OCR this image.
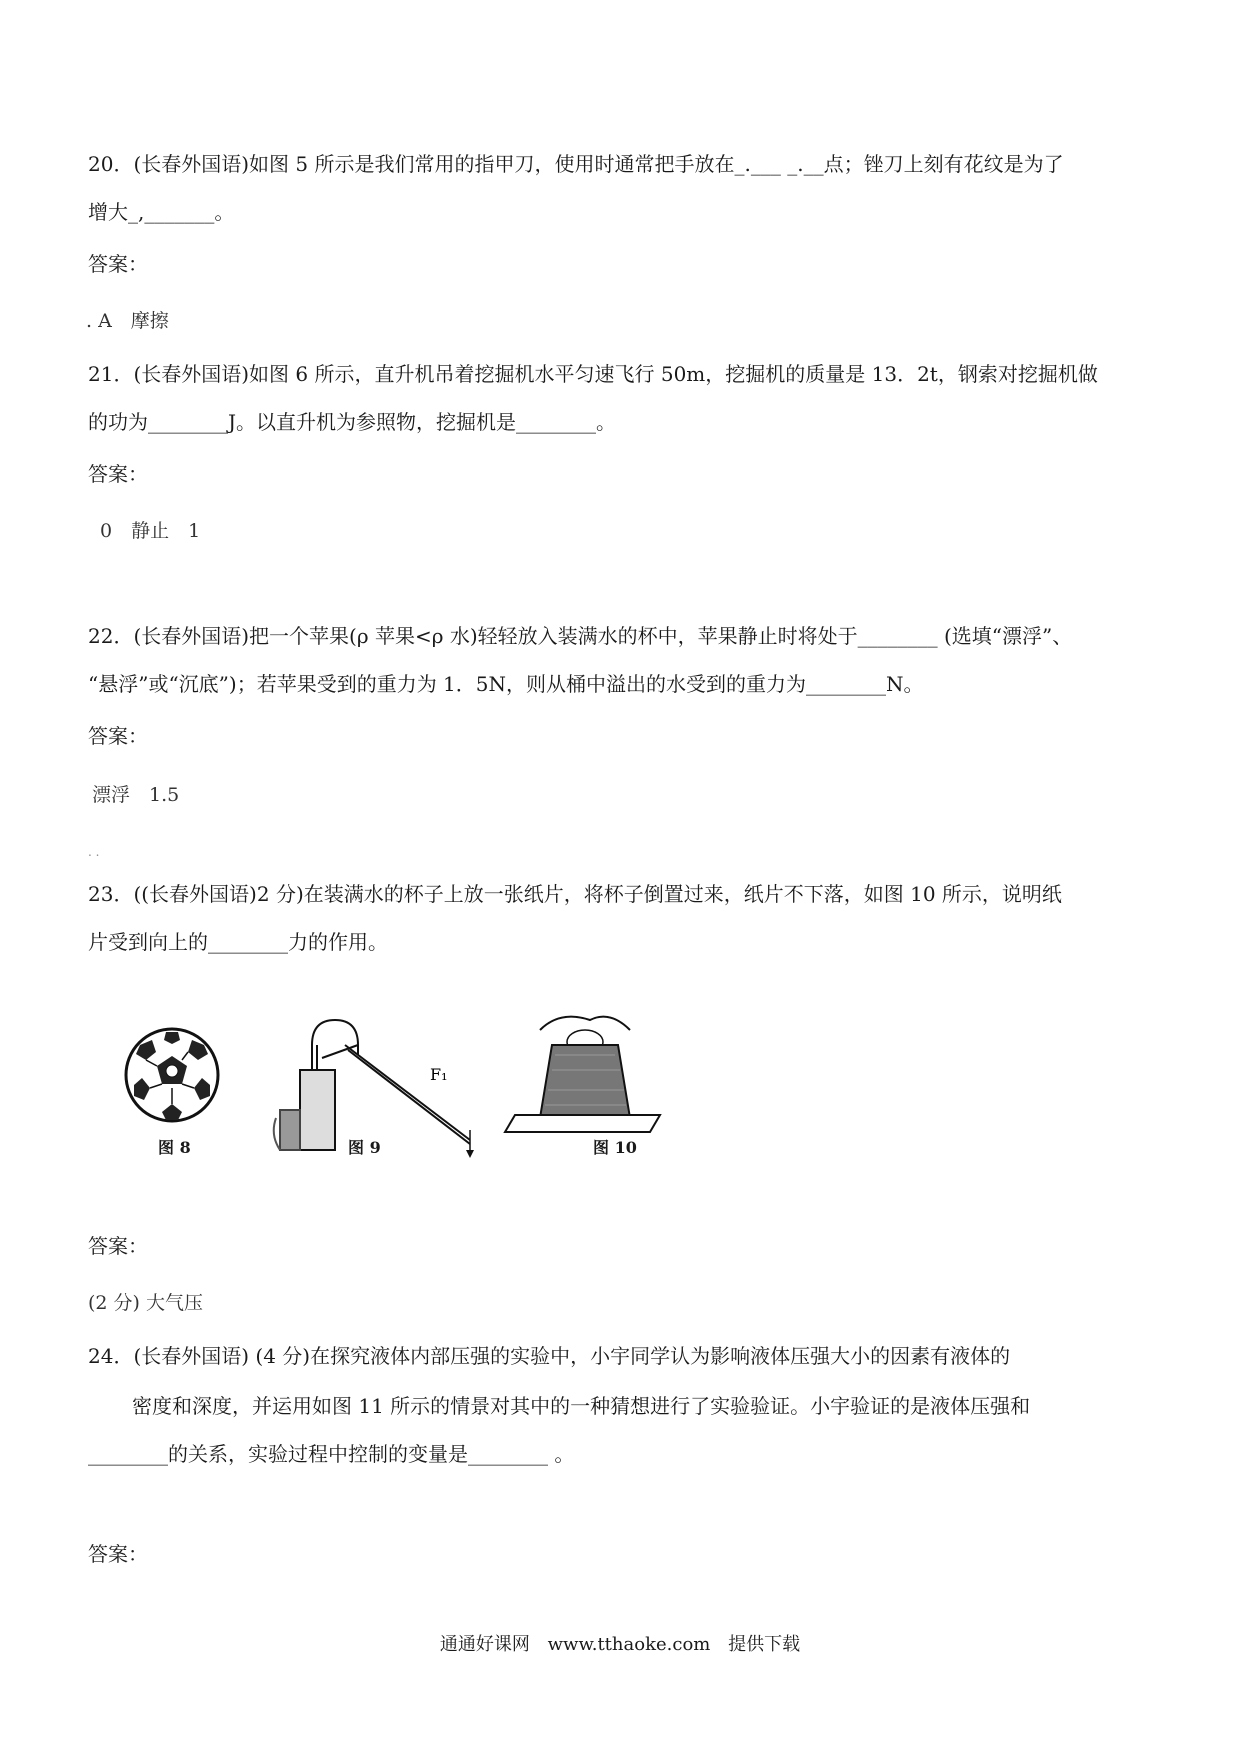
20．(长春外国语)如图 5 所示是我们常用的指甲刀，使用时通常把手放在_.___ _.__点；锉刀上刻有花纹是为了
增大_,_______。
答案：
. A　摩擦
21．(长春外国语)如图 6 所示，直升机吊着挖掘机水平匀速飞行 50m，挖掘机的质量是 13．2t，钢索对挖掘机做
的功为________J。以直升机为参照物，挖掘机是________。
答案：
0　静止　1
22．(长春外国语)把一个苹果(ρ 苹果<ρ 水)轻轻放入装满水的杯中，苹果静止时将处于________ (选填“漂浮”、
“悬浮”或“沉底”)；若苹果受到的重力为 1．5N，则从桶中溢出的水受到的重力为________N。
答案：
漂浮　1.5
. .
23．((长春外国语)2 分)在装满水的杯子上放一张纸片，将杯子倒置过来，纸片不下落，如图 10 所示，说明纸
片受到向上的________力的作用。
F₁
图 8	图 9	图 10
答案：
(2 分) 大气压
24．(长春外国语) (4 分)在探究液体内部压强的实验中，小宇同学认为影响液体压强大小的因素有液体的
密度和深度，并运用如图 11 所示的情景对其中的一种猜想进行了实验验证。小宇验证的是液体压强和
________的关系，实验过程中控制的变量是________ 。
答案：
通通好课网 www.tthaoke.com 提供下载
